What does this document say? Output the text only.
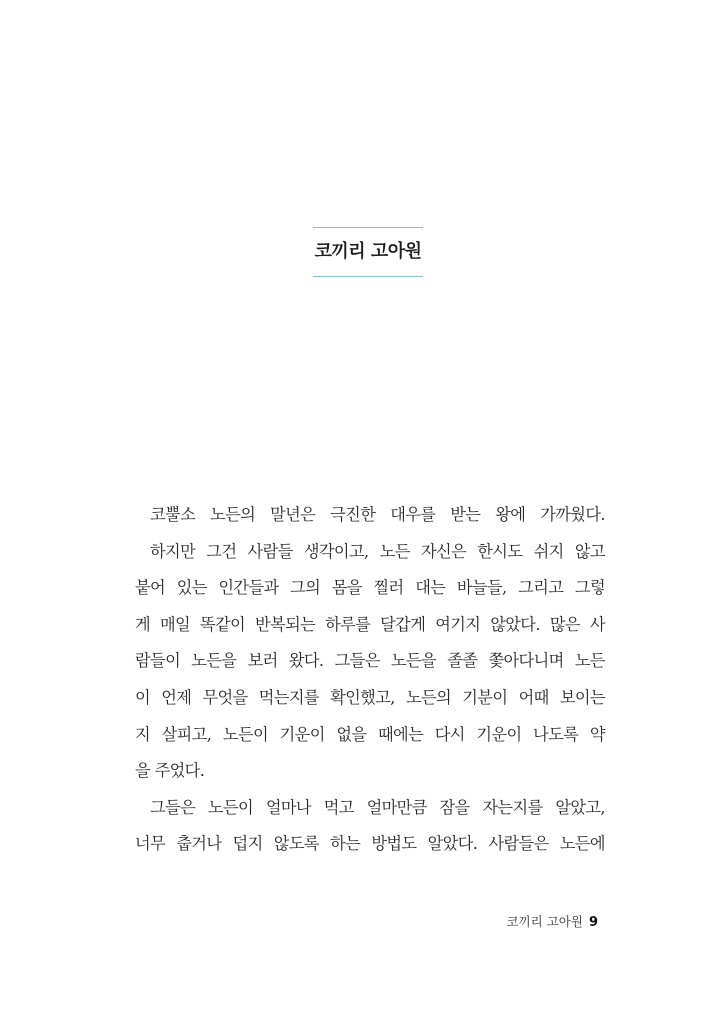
코끼리 고아원
코뿔소 노든의 말년은 극진한 대우를 받는 왕에 가까웠다.
하지만 그건 사람들 생각이고, 노든 자신은 한시도 쉬지 않고
붙어 있는 인간들과 그의 몸을 찔러 대는 바늘들, 그리고 그렇
게 매일 똑같이 반복되는 하루를 달갑게 여기지 않았다. 많은 사
람들이 노든을 보러 왔다. 그들은 노든을 졸졸 쫓아다니며 노든
이 언제 무엇을 먹는지를 확인했고, 노든의 기분이 어때 보이는
지 살피고, 노든이 기운이 없을 때에는 다시 기운이 나도록 약
을 주었다.
그들은 노든이 얼마나 먹고 얼마만큼 잠을 자는지를 알았고,
너무 춥거나 덥지 않도록 하는 방법도 알았다. 사람들은 노든에
코끼리 고아원 9
